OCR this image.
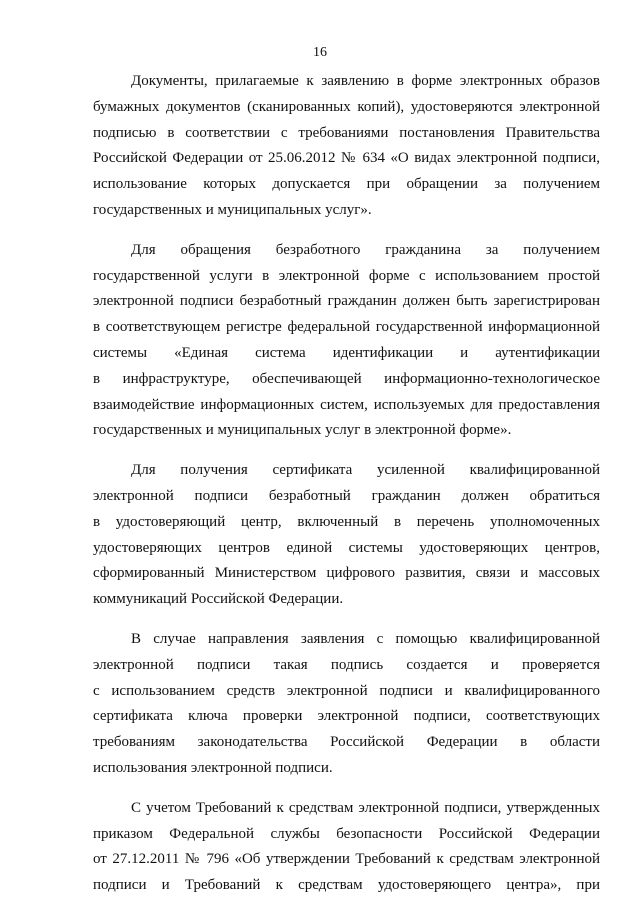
16
Документы, прилагаемые к заявлению в форме электронных образов
бумажных документов (сканированных копий), удостоверяются электронной
подписью в соответствии с требованиями постановления Правительства
Российской Федерации от 25.06.2012 № 634 «О видах электронной подписи,
использование которых допускается при обращении за получением
государственных и муниципальных услуг».
Для обращения безработного гражданина за получением
государственной услуги в электронной форме с использованием простой
электронной подписи безработный гражданин должен быть зарегистрирован
в соответствующем регистре федеральной государственной информационной
системы «Единая система идентификации и аутентификации
в инфраструктуре, обеспечивающей информационно-технологическое
взаимодействие информационных систем, используемых для предоставления
государственных и муниципальных услуг в электронной форме».
Для получения сертификата усиленной квалифицированной
электронной подписи безработный гражданин должен обратиться
в удостоверяющий центр, включенный в перечень уполномоченных
удостоверяющих центров единой системы удостоверяющих центров,
сформированный Министерством цифрового развития, связи и массовых
коммуникаций Российской Федерации.
В случае направления заявления с помощью квалифицированной
электронной подписи такая подпись создается и проверяется
с использованием средств электронной подписи и квалифицированного
сертификата ключа проверки электронной подписи, соответствующих
требованиям законодательства Российской Федерации в области
использования электронной подписи.
С учетом Требований к средствам электронной подписи, утвержденных
приказом Федеральной службы безопасности Российской Федерации
от 27.12.2011 № 796 «Об утверждении Требований к средствам электронной
подписи и Требований к средствам удостоверяющего центра», при
